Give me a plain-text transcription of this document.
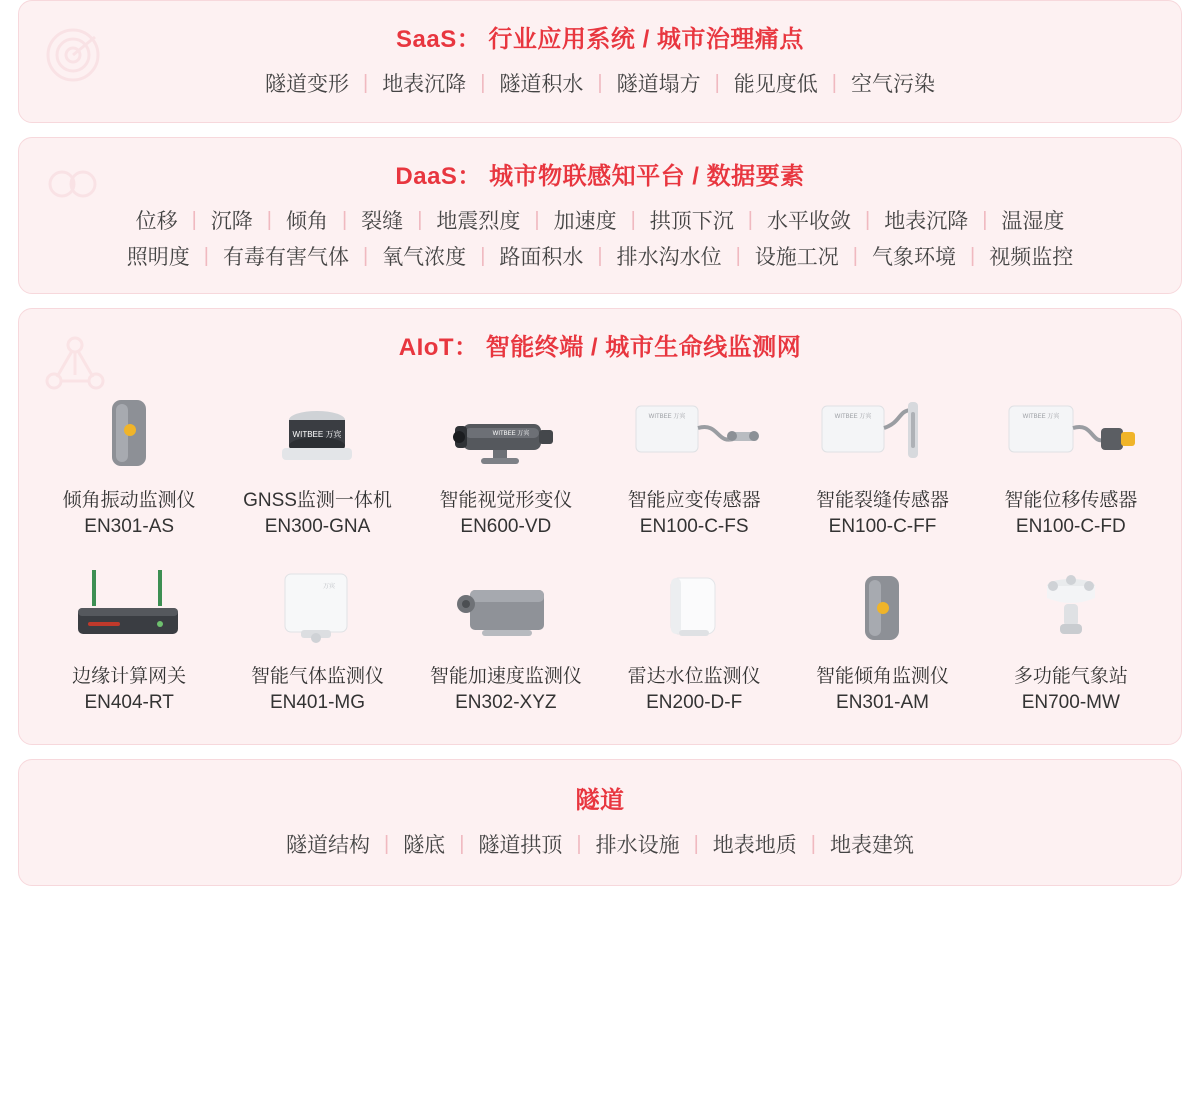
SaaS： 行业应用系统 / 城市治理痛点
隧道变形 | 地表沉降 | 隧道积水 | 隧道塌方 | 能见度低 | 空气污染
DaaS： 城市物联感知平台 / 数据要素
位移 | 沉降 | 倾角 | 裂缝 | 地震烈度 | 加速度 | 拱顶下沉 | 水平收敛 | 地表沉降 | 温湿度
照明度 | 有毒有害气体 | 氧气浓度 | 路面积水 | 排水沟水位 | 设施工况 | 气象环境 | 视频监控
AIoT： 智能终端 / 城市生命线监测网
倾角振动监测仪
EN301-AS
WITBEE 万宾
GNSS监测一体机
EN300-GNA
WITBEE 万宾
智能视觉形变仪
EN600-VD
WITBEE 万宾
智能应变传感器
EN100-C-FS
WITBEE 万宾
智能裂缝传感器
EN100-C-FF
WITBEE 万宾
智能位移传感器
EN100-C-FD
边缘计算网关
EN404-RT
万宾
智能气体监测仪
EN401-MG
智能加速度监测仪
EN302-XYZ
雷达水位监测仪
EN200-D-F
智能倾角监测仪
EN301-AM
多功能气象站
EN700-MW
隧道
隧道结构 | 隧底 | 隧道拱顶 | 排水设施 | 地表地质 | 地表建筑
